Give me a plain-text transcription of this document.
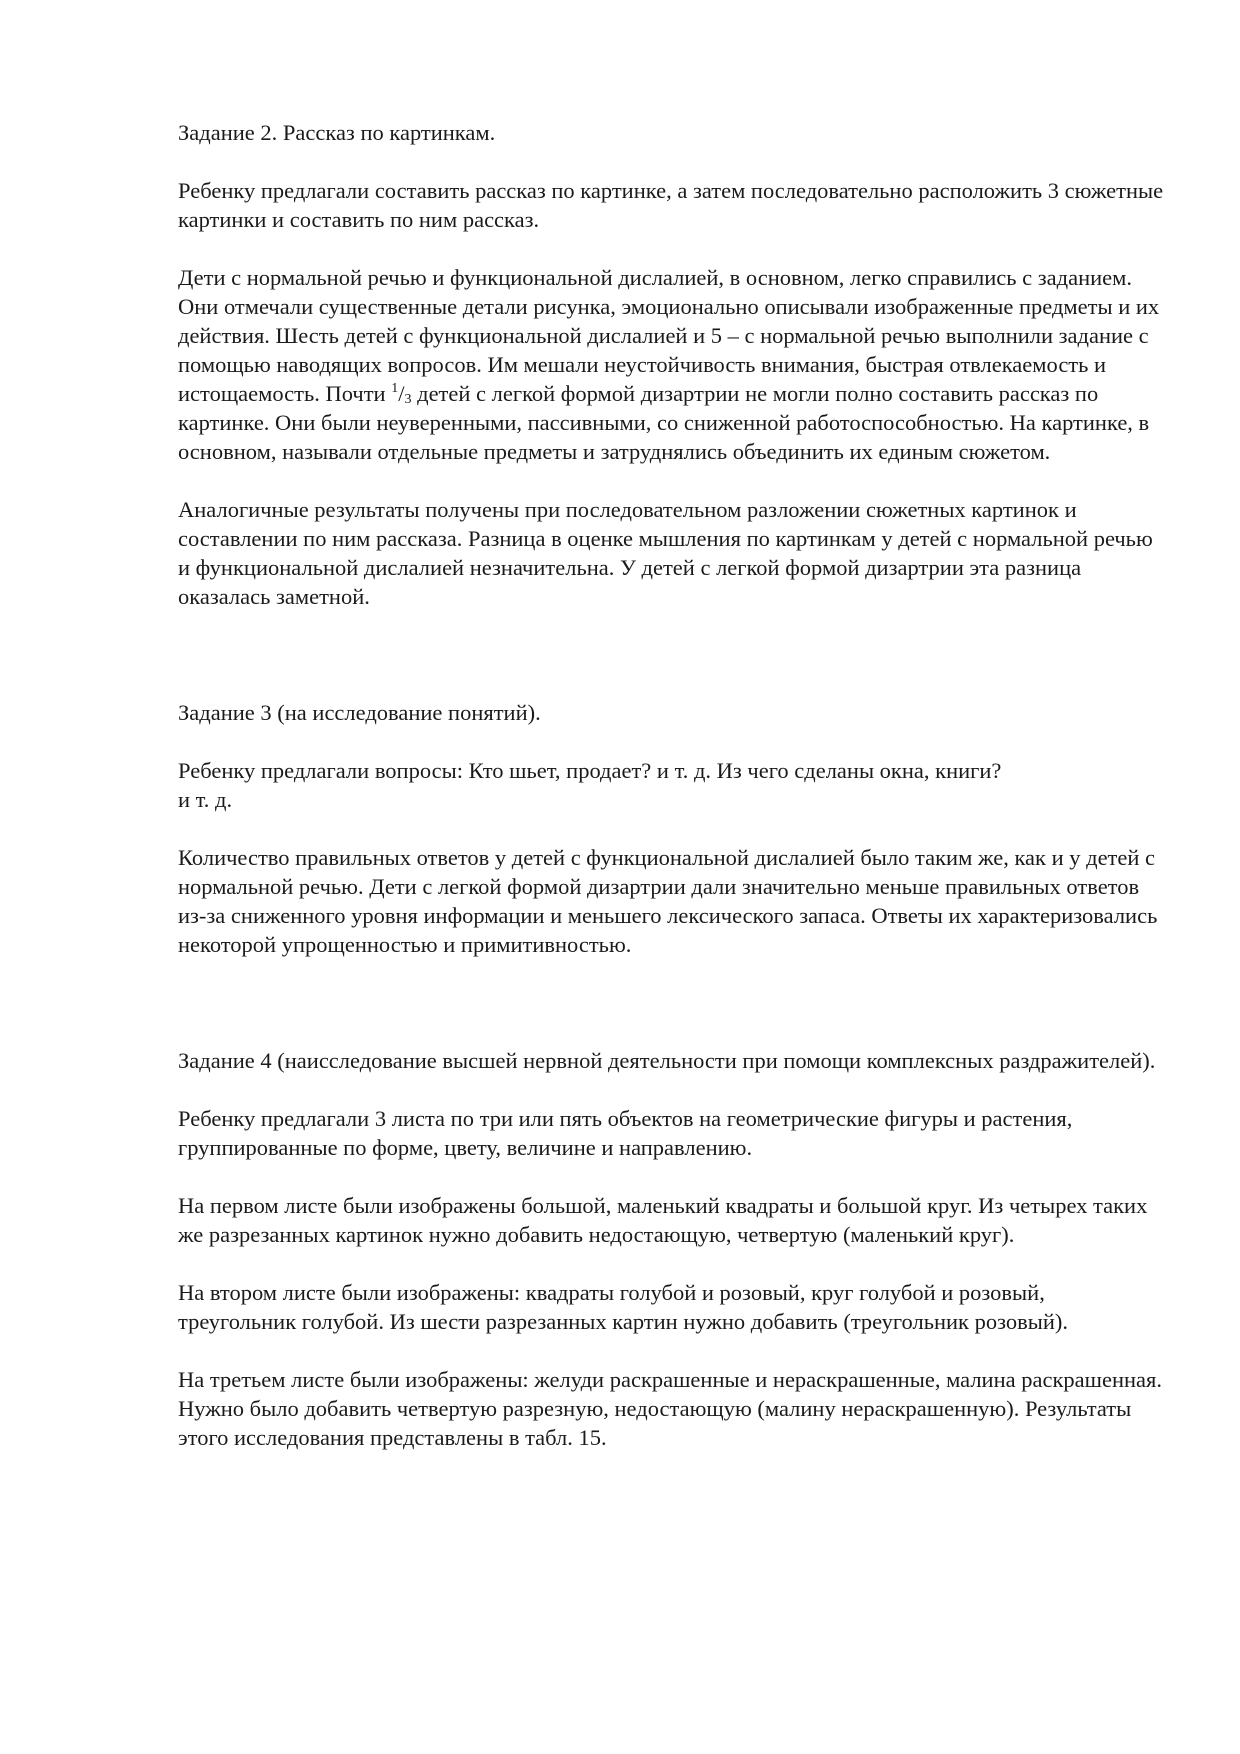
Задание 2. Рассказ по картинкам.

Ребенку предлагали составить рассказ по картинке, а затем последовательно расположить 3 сюжетные картинки и составить по ним рассказ.

Дети с нормальной речью и функциональной дислалией, в основном, легко справились с заданием. Они отмечали существенные детали рисунка, эмоционально описывали изображенные предметы и их действия. Шесть детей с функциональной дислалией и 5 – с нормальной речью выполнили задание с помощью наводящих вопросов. Им мешали неустойчивость внимания, быстрая отвлекаемость и истощаемость. Почти $^1/_3$ детей с легкой формой дизартрии не могли полно составить рассказ по картинке. Они были неуверенными, пассивными, со сниженной работоспособностью. На картинке, в основном, называли отдельные предметы и затруднялись объединить их единым сюжетом.

Аналогичные результаты получены при последовательном разложении сюжетных картинок и составлении по ним рассказа. Разница в оценке мышления по картинкам у детей с нормальной речью и функциональной дислалией незначительна. У детей с легкой формой дизартрии эта разница оказалась заметной.

Задание 3 (на исследование понятий).

Ребенку предлагали вопросы: Кто шьет, продает? и т. д. Из чего сделаны окна, книги?
и т. д.

Количество правильных ответов у детей с функциональной дислалией было таким же, как и у детей с нормальной речью. Дети с легкой формой дизартрии дали значительно меньше правильных ответов из-за сниженного уровня информации и меньшего лексического запаса. Ответы их характеризовались некоторой упрощенностью и примитивностью.

Задание 4 (наисследование высшей нервной деятельности при помощи комплексных раздражителей).

Ребенку предлагали 3 листа по три или пять объектов на геометрические фигуры и растения, группированные по форме, цвету, величине и направлению.

На первом листе были изображены большой, маленький квадраты и большой круг. Из четырех таких же разрезанных картинок нужно добавить недостающую, четвертую (маленький круг).

На втором листе были изображены: квадраты голубой и розовый, круг голубой и розовый, треугольник голубой. Из шести разрезанных картин нужно добавить (треугольник розовый).

На третьем листе были изображены: желуди раскрашенные и нераскрашенные, малина раскрашенная. Нужно было добавить четвертую разрезную, недостающую (малину нераскрашенную). Результаты этого исследования представлены в табл. 15.
